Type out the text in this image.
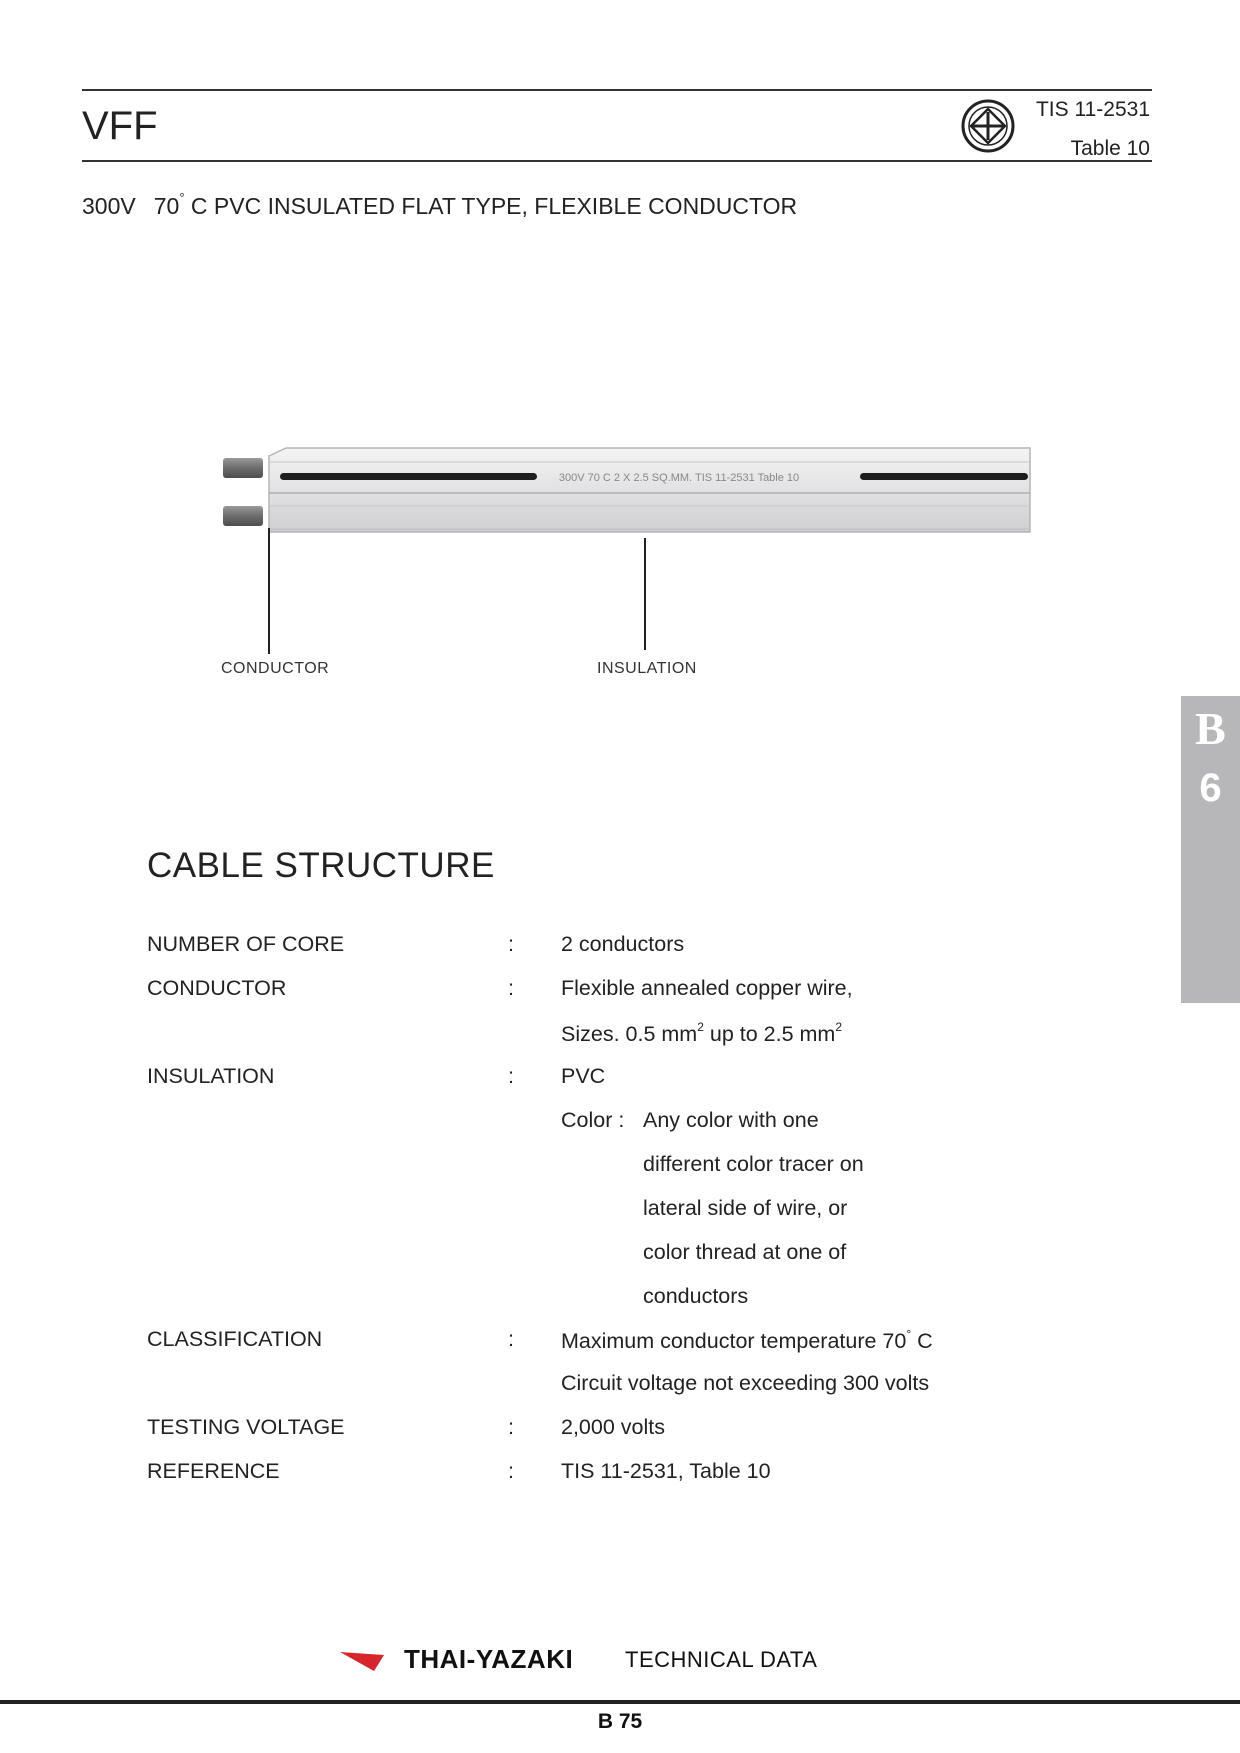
VFF	TIS 11-2531
Table 10
300V 70° C PVC INSULATED FLAT TYPE, FLEXIBLE CONDUCTOR
300V 70 C 2 X 2.5 SQ.MM. TIS 11-2531 Table 10
CONDUCTOR	INSULATION
B
6
CABLE STRUCTURE
NUMBER OF CORE	: 2 conductors
CONDUCTOR	: Flexible annealed copper wire,
Sizes. 0.5 $mm^2$ up to 2.5 $mm^2$
INSULATION	: PVC
Color : Any color with one
different color tracer on
lateral side of wire, or
color thread at one of
conductors
CLASSIFICATION	: Maximum conductor temperature 70° C
Circuit voltage not exceeding 300 volts
TESTING VOLTAGE	: 2,000 volts
REFERENCE	: TIS 11-2531, Table 10
THAI-YAZAKI TECHNICAL DATA
B 75
